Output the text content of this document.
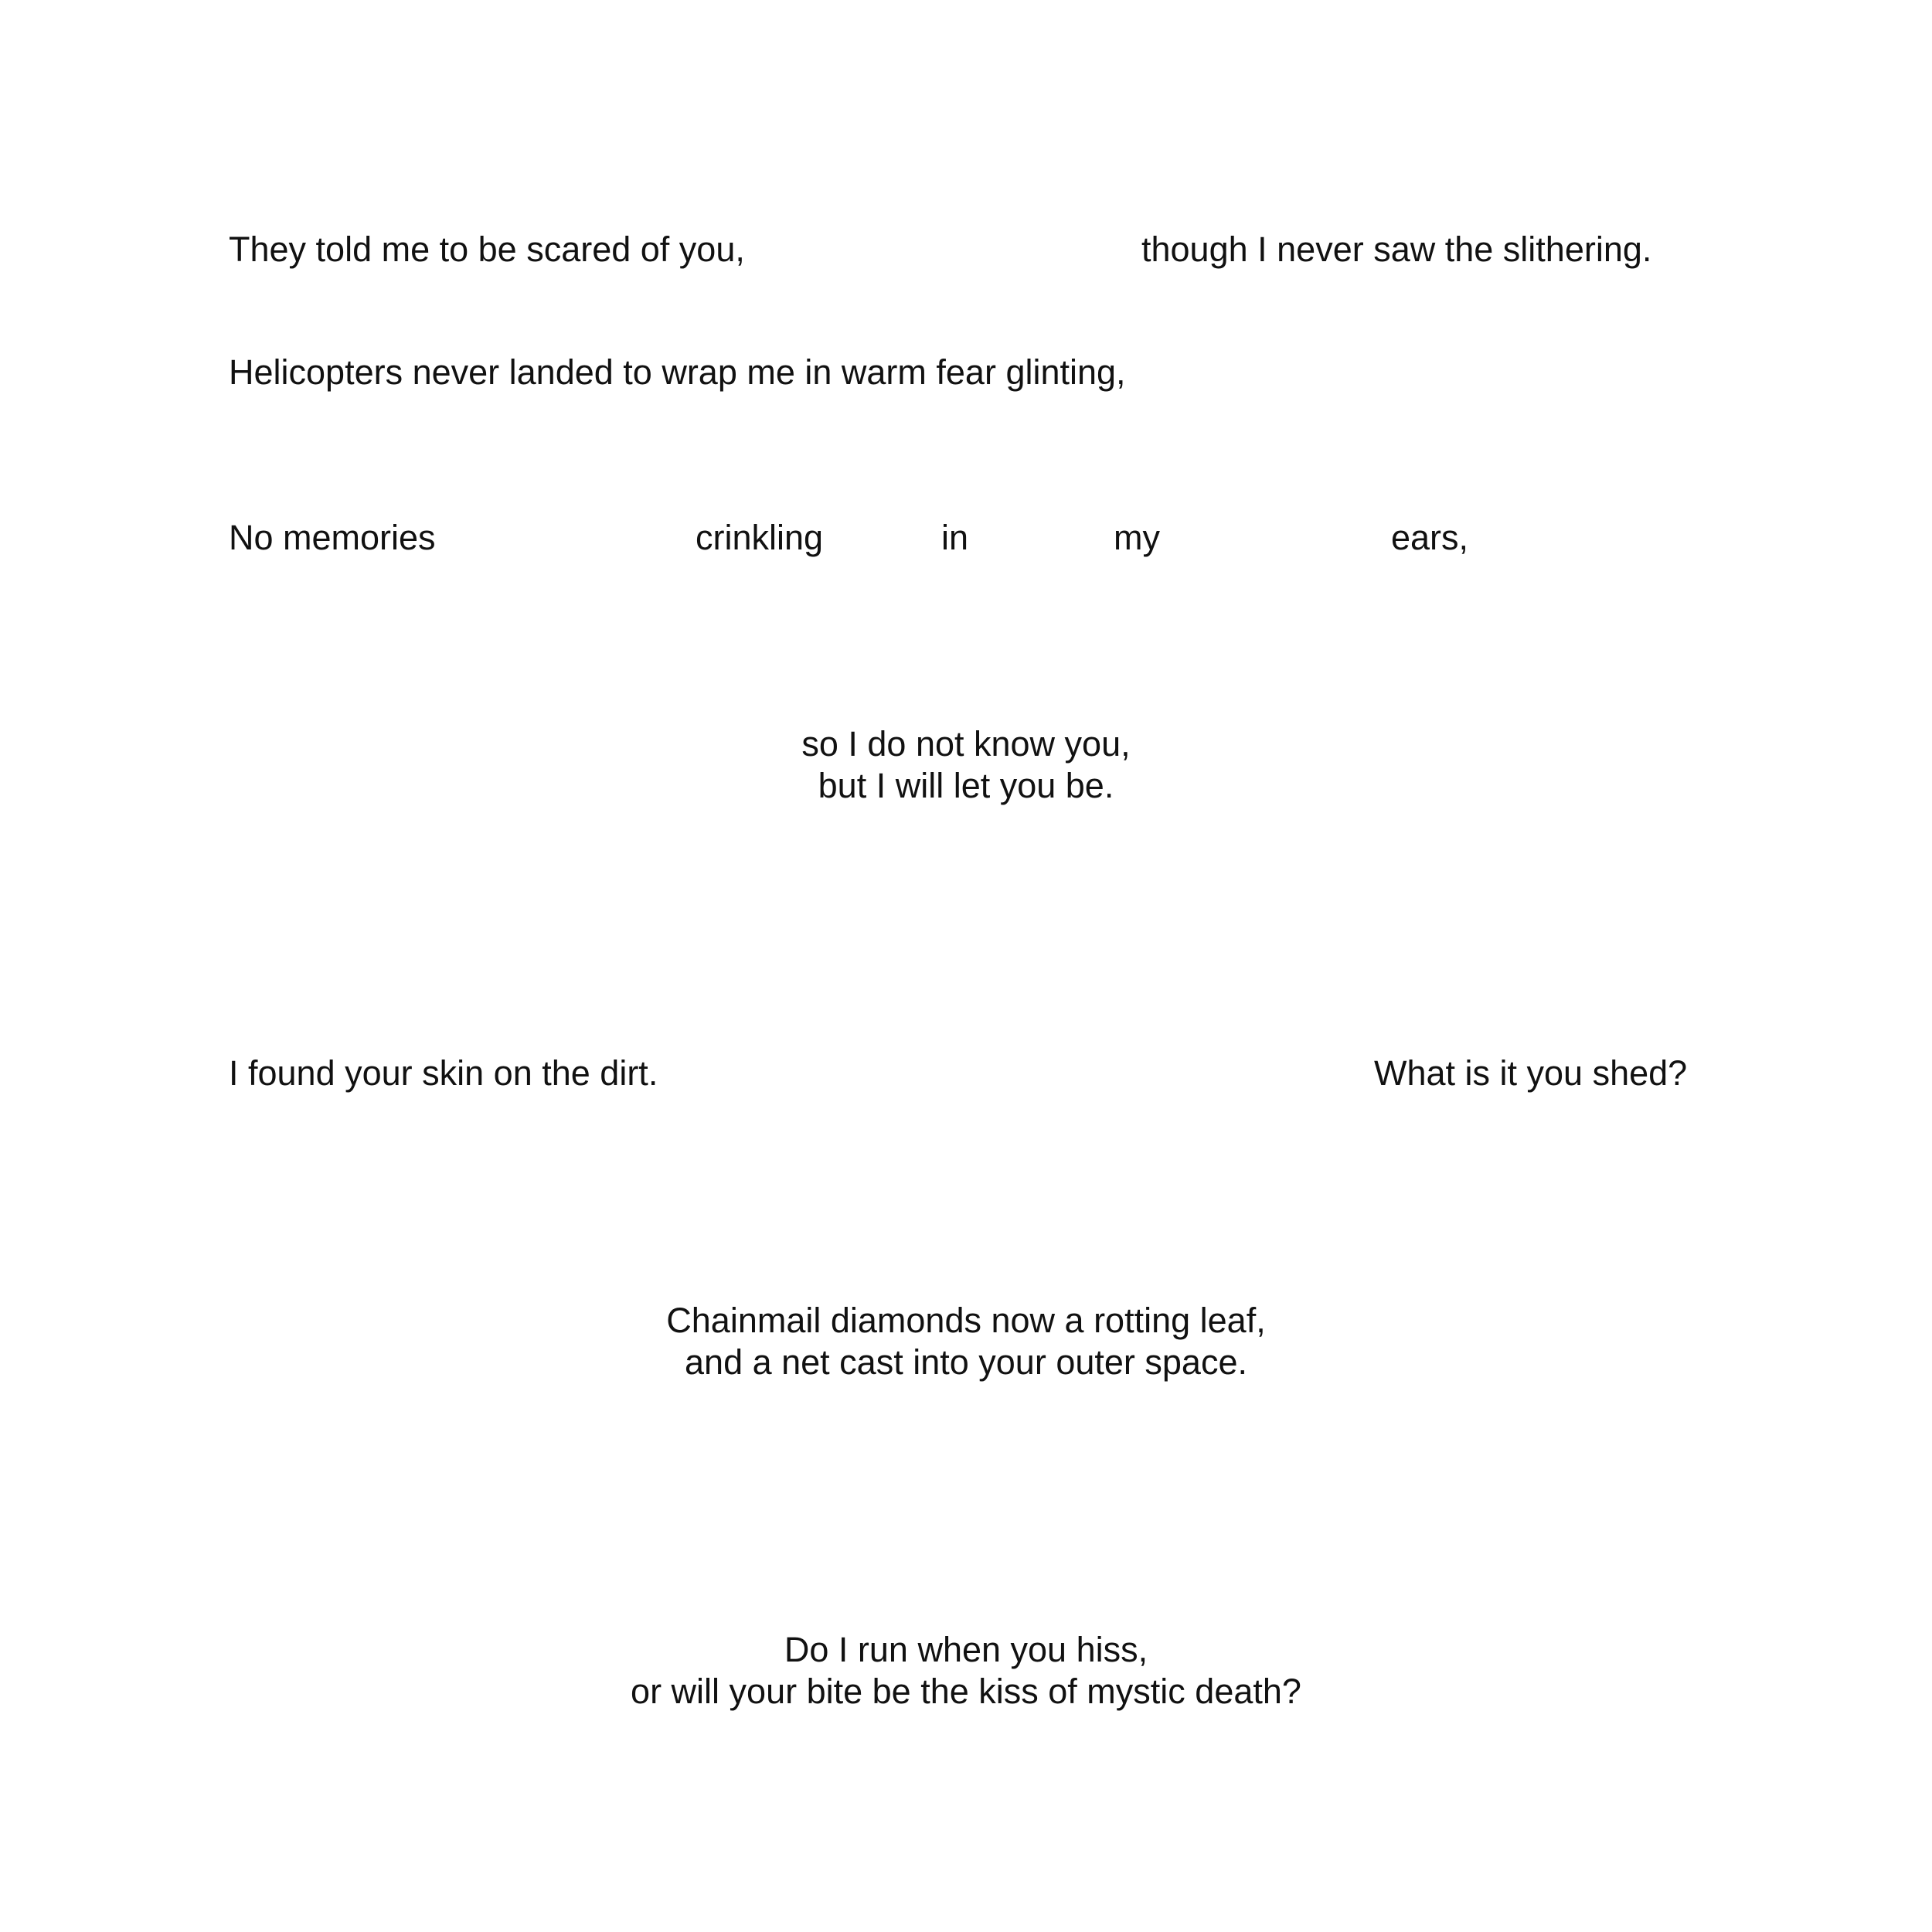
They told me to be scared of you,	though I never saw the slithering.

Helicopters never landed to wrap me in warm fear glinting,

No memories	crinkling	in	my	ears,

so I do not know you,
but I will let you be.

I found your skin on the dirt.	What is it you shed?

Chainmail diamonds now a rotting leaf,
and a net cast into your outer space.
Do I run when you hiss,
or will your bite be the kiss of mystic death?
